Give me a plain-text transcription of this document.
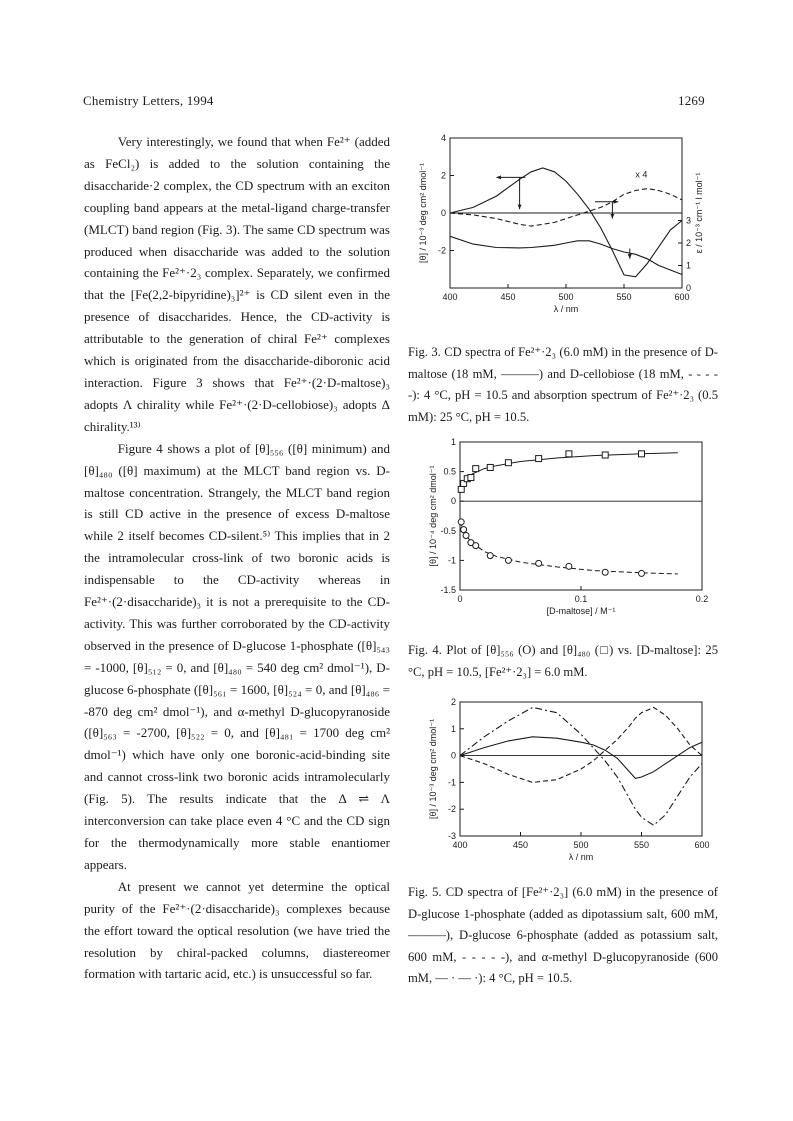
Chemistry Letters, 1994	1269

Very interestingly, we found that when Fe²⁺ (added as FeCl₂) is added to the solution containing the disaccharide·2 complex, the CD spectrum with an exciton coupling band appears at the metal-ligand charge-transfer (MLCT) band region (Fig. 3). The same CD spectrum was produced when disaccharide was added to the solution containing the Fe²⁺·2₃ complex. Separately, we confirmed that the [Fe(2,2-bipyridine)₃]²⁺ is CD silent even in the presence of disaccharides. Hence, the CD-activity is attributable to the generation of chiral Fe²⁺ complexes which is originated from the disaccharide-diboronic acid interaction. Figure 3 shows that Fe²⁺·(2·D-maltose)₃ adopts Λ chirality while Fe²⁺·(2·D-cellobiose)₃ adopts Δ chirality.¹³⁾

Figure 4 shows a plot of [θ]₅₅₆ ([θ] minimum) and [θ]₄₈₀ ([θ] maximum) at the MLCT band region vs. D-maltose concentration. Strangely, the MLCT band region is still CD active in the presence of excess D-maltose while 2 itself becomes CD-silent.⁵⁾ This implies that in 2 the intramolecular cross-link of two boronic acids is indispensable to the CD-activity whereas in Fe²⁺·(2·disaccharide)₃ it is not a prerequisite to the CD-activity. This was further corroborated by the CD-activity observed in the presence of D-glucose 1-phosphate ([θ]₅₄₃ = -1000, [θ]₅₁₂ = 0, and [θ]₄₈₀ = 540 deg cm² dmol⁻¹), D-glucose 6-phosphate ([θ]₅₆₁ = 1600, [θ]₅₂₄ = 0, and [θ]₄₈₆ = -870 deg cm² dmol⁻¹), and α-methyl D-glucopyranoside ([θ]₅₆₃ = -2700, [θ]₅₂₂ = 0, and [θ]₄₈₁ = 1700 deg cm² dmol⁻¹) which have only one boronic-acid-binding site and cannot cross-link two boronic acids intramolecularly (Fig. 5). The results indicate that the Δ ⇌ Λ interconversion can take place even 4 °C and the CD sign for the thermodynamically more stable enantiomer appears.

At present we cannot yet determine the optical purity of the Fe²⁺·(2·disaccharide)₃ complexes because the effort toward the optical resolution (we have tried the resolution by chiral-packed columns, diastereomer formation with tartaric acid, etc.) is unsuccessful so far.

400	450	500	550	600
4
2
0
-2
λ / nm
[θ] / 10⁻³ deg cm² dmol⁻¹	3
2
1
0
ε / 10⁻³ cm⁻¹ l mol⁻¹
x 4
Fig. 3. CD spectra of Fe²⁺·2₃ (6.0 mM) in the presence of D-maltose (18 mM, ———) and D-cellobiose (18 mM, - - - - -): 4 °C, pH = 10.5 and absorption spectrum of Fe²⁺·2₃ (0.5 mM): 25 °C, pH = 10.5.
0	0.1	0.2
1
0.5
0
-0.5
-1
-1.5
[D-maltose] / M⁻¹
[θ] / 10⁻⁴ deg cm² dmol⁻¹
Fig. 4. Plot of [θ]₅₅₆ (O) and [θ]₄₈₀ (□) vs. [D-maltose]: 25 °C, pH = 10.5, [Fe²⁺·2₃] = 6.0 mM.
400	450	500	550	600
2
1
0
-1
-2
-3
λ / nm
[θ] / 10⁻³ deg cm² dmol⁻¹
Fig. 5. CD spectra of [Fe²⁺·2₃] (6.0 mM) in the presence of D-glucose 1-phosphate (added as dipotassium salt, 600 mM, ———), D-glucose 6-phosphate (added as potassium salt, 600 mM, - - - - -), and α-methyl D-glucopyranoside (600 mM, — · — ·): 4 °C, pH = 10.5.
